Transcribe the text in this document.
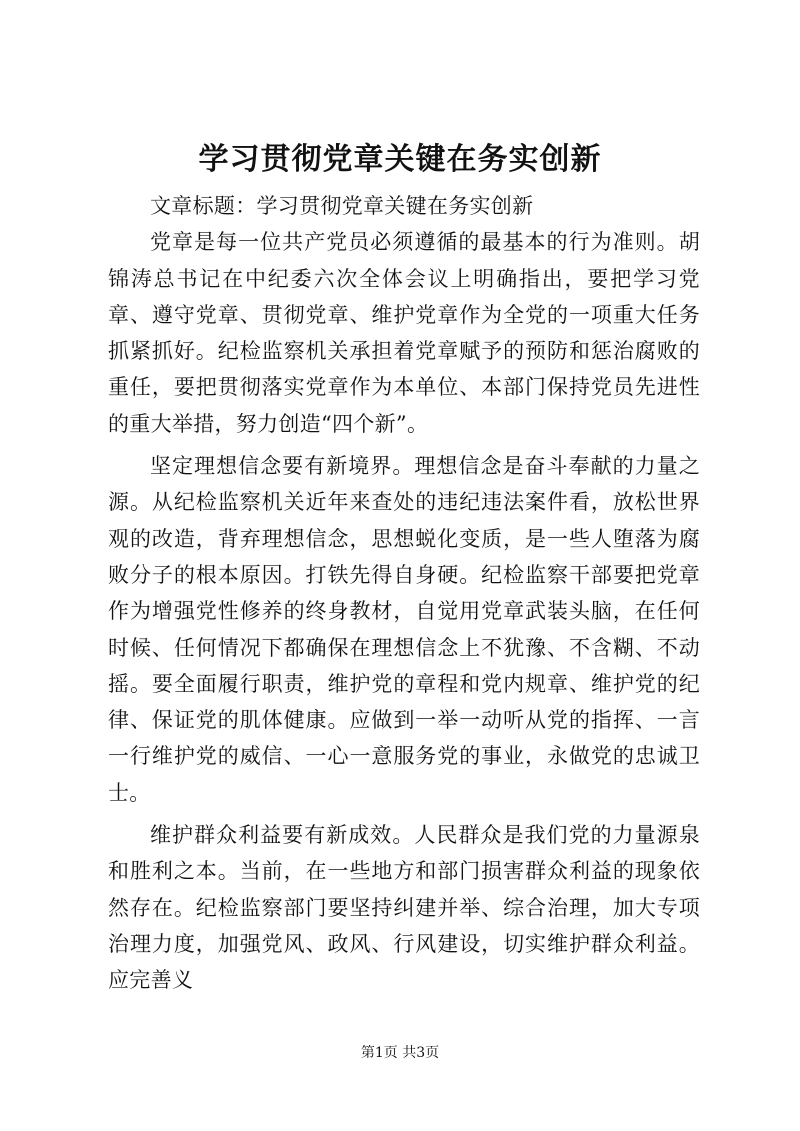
学习贯彻党章关键在务实创新

文章标题：学习贯彻党章关键在务实创新

党章是每一位共产党员必须遵循的最基本的行为准则。胡锦涛总书记在中纪委六次全体会议上明确指出，要把学习党章、遵守党章、贯彻党章、维护党章作为全党的一项重大任务抓紧抓好。纪检监察机关承担着党章赋予的预防和惩治腐败的重任，要把贯彻落实党章作为本单位、本部门保持党员先进性的重大举措，努力创造“四个新”。

坚定理想信念要有新境界。理想信念是奋斗奉献的力量之源。从纪检监察机关近年来查处的违纪违法案件看，放松世界观的改造，背弃理想信念，思想蜕化变质，是一些人堕落为腐败分子的根本原因。打铁先得自身硬。纪检监察干部要把党章作为增强党性修养的终身教材，自觉用党章武装头脑，在任何时候、任何情况下都确保在理想信念上不犹豫、不含糊、不动摇。要全面履行职责，维护党的章程和党内规章、维护党的纪律、保证党的肌体健康。应做到一举一动听从党的指挥、一言一行维护党的威信、一心一意服务党的事业，永做党的忠诚卫士。

维护群众利益要有新成效。人民群众是我们党的力量源泉和胜利之本。当前，在一些地方和部门损害群众利益的现象依然存在。纪检监察部门要坚持纠建并举、综合治理，加大专项治理力度，加强党风、政风、行风建设，切实维护群众利益。应完善义

第1页 共3页
